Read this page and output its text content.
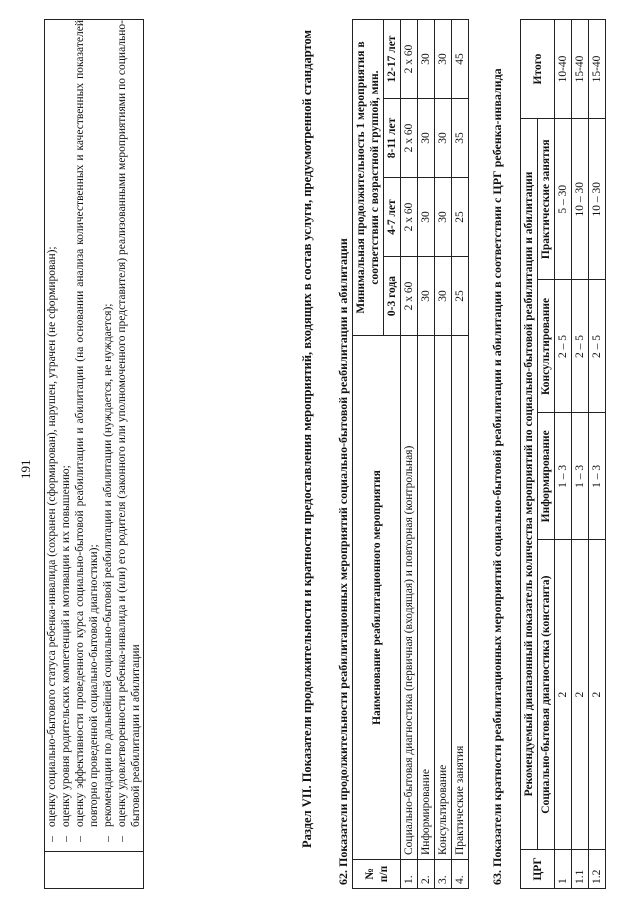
191

–
оценку социально-бытового статуса ребенка-инвалида (сохранен (сформирован), нарушен, утрачен (не сформирован);
–
оценку уровня родительских компетенций и мотивации к их повышению;
–
оценку эффективности проведенного курса социально-бытовой реабилитации и абилитации (на основании анализа количественных и качественных показателей повторно проведенной социально-бытовой диагностики);
–
рекомендации по дальнейшей социально-бытовой реабилитации и абилитации (нуждается, не нуждается);
–
оценку удовлетворенности ребенка-инвалида и (или) его родителя (законного или уполномоченного представителя) реализованными мероприятиями по социально-бытовой реабилитации и абилитации	Раздел VII. Показатели продолжительности и кратности предоставления мероприятий, входящих в состав услуги, предусмотренной стандартом 62. Показатели продолжительности реабилитационных мероприятий социально-бытовой реабилитации и абилитации № п/п	Наименование реабилитационного мероприятия	Минимальная продолжительность 1 мероприятия в соответствии с возрастной группой, мин.			
		0-3 года	4-7 лет	8-11 лет	12-17 лет
1.	Социально-бытовая диагностика (первичная (входящая) и повторная (контрольная)	2 х 60	2 х 60	2 х 60	2 х 60
2.	Информирование	30	30	30	30
3.	Консультирование	30	30	30	30
4.	Практические занятия	25	25	35	45
63. Показатели кратности реабилитационных мероприятий социально-бытовой реабилитации и абилитации в соответствии с ЦРГ ребенка-инвалида ЦРГ	Рекомендуемый диапазонный показатель количества мероприятий по социально-бытовой реабилитации и абилитации				Итого
	Социально-бытовая диагностика (константа)	Информирование	Консультирование	Практические занятия	
1	2	1 – 3	2 – 5	5 – 30	10-40
1.1	2	1 – 3	2 – 5	10 – 30	15-40
1.2	2	1 – 3	2 – 5	10 – 30	15-40
